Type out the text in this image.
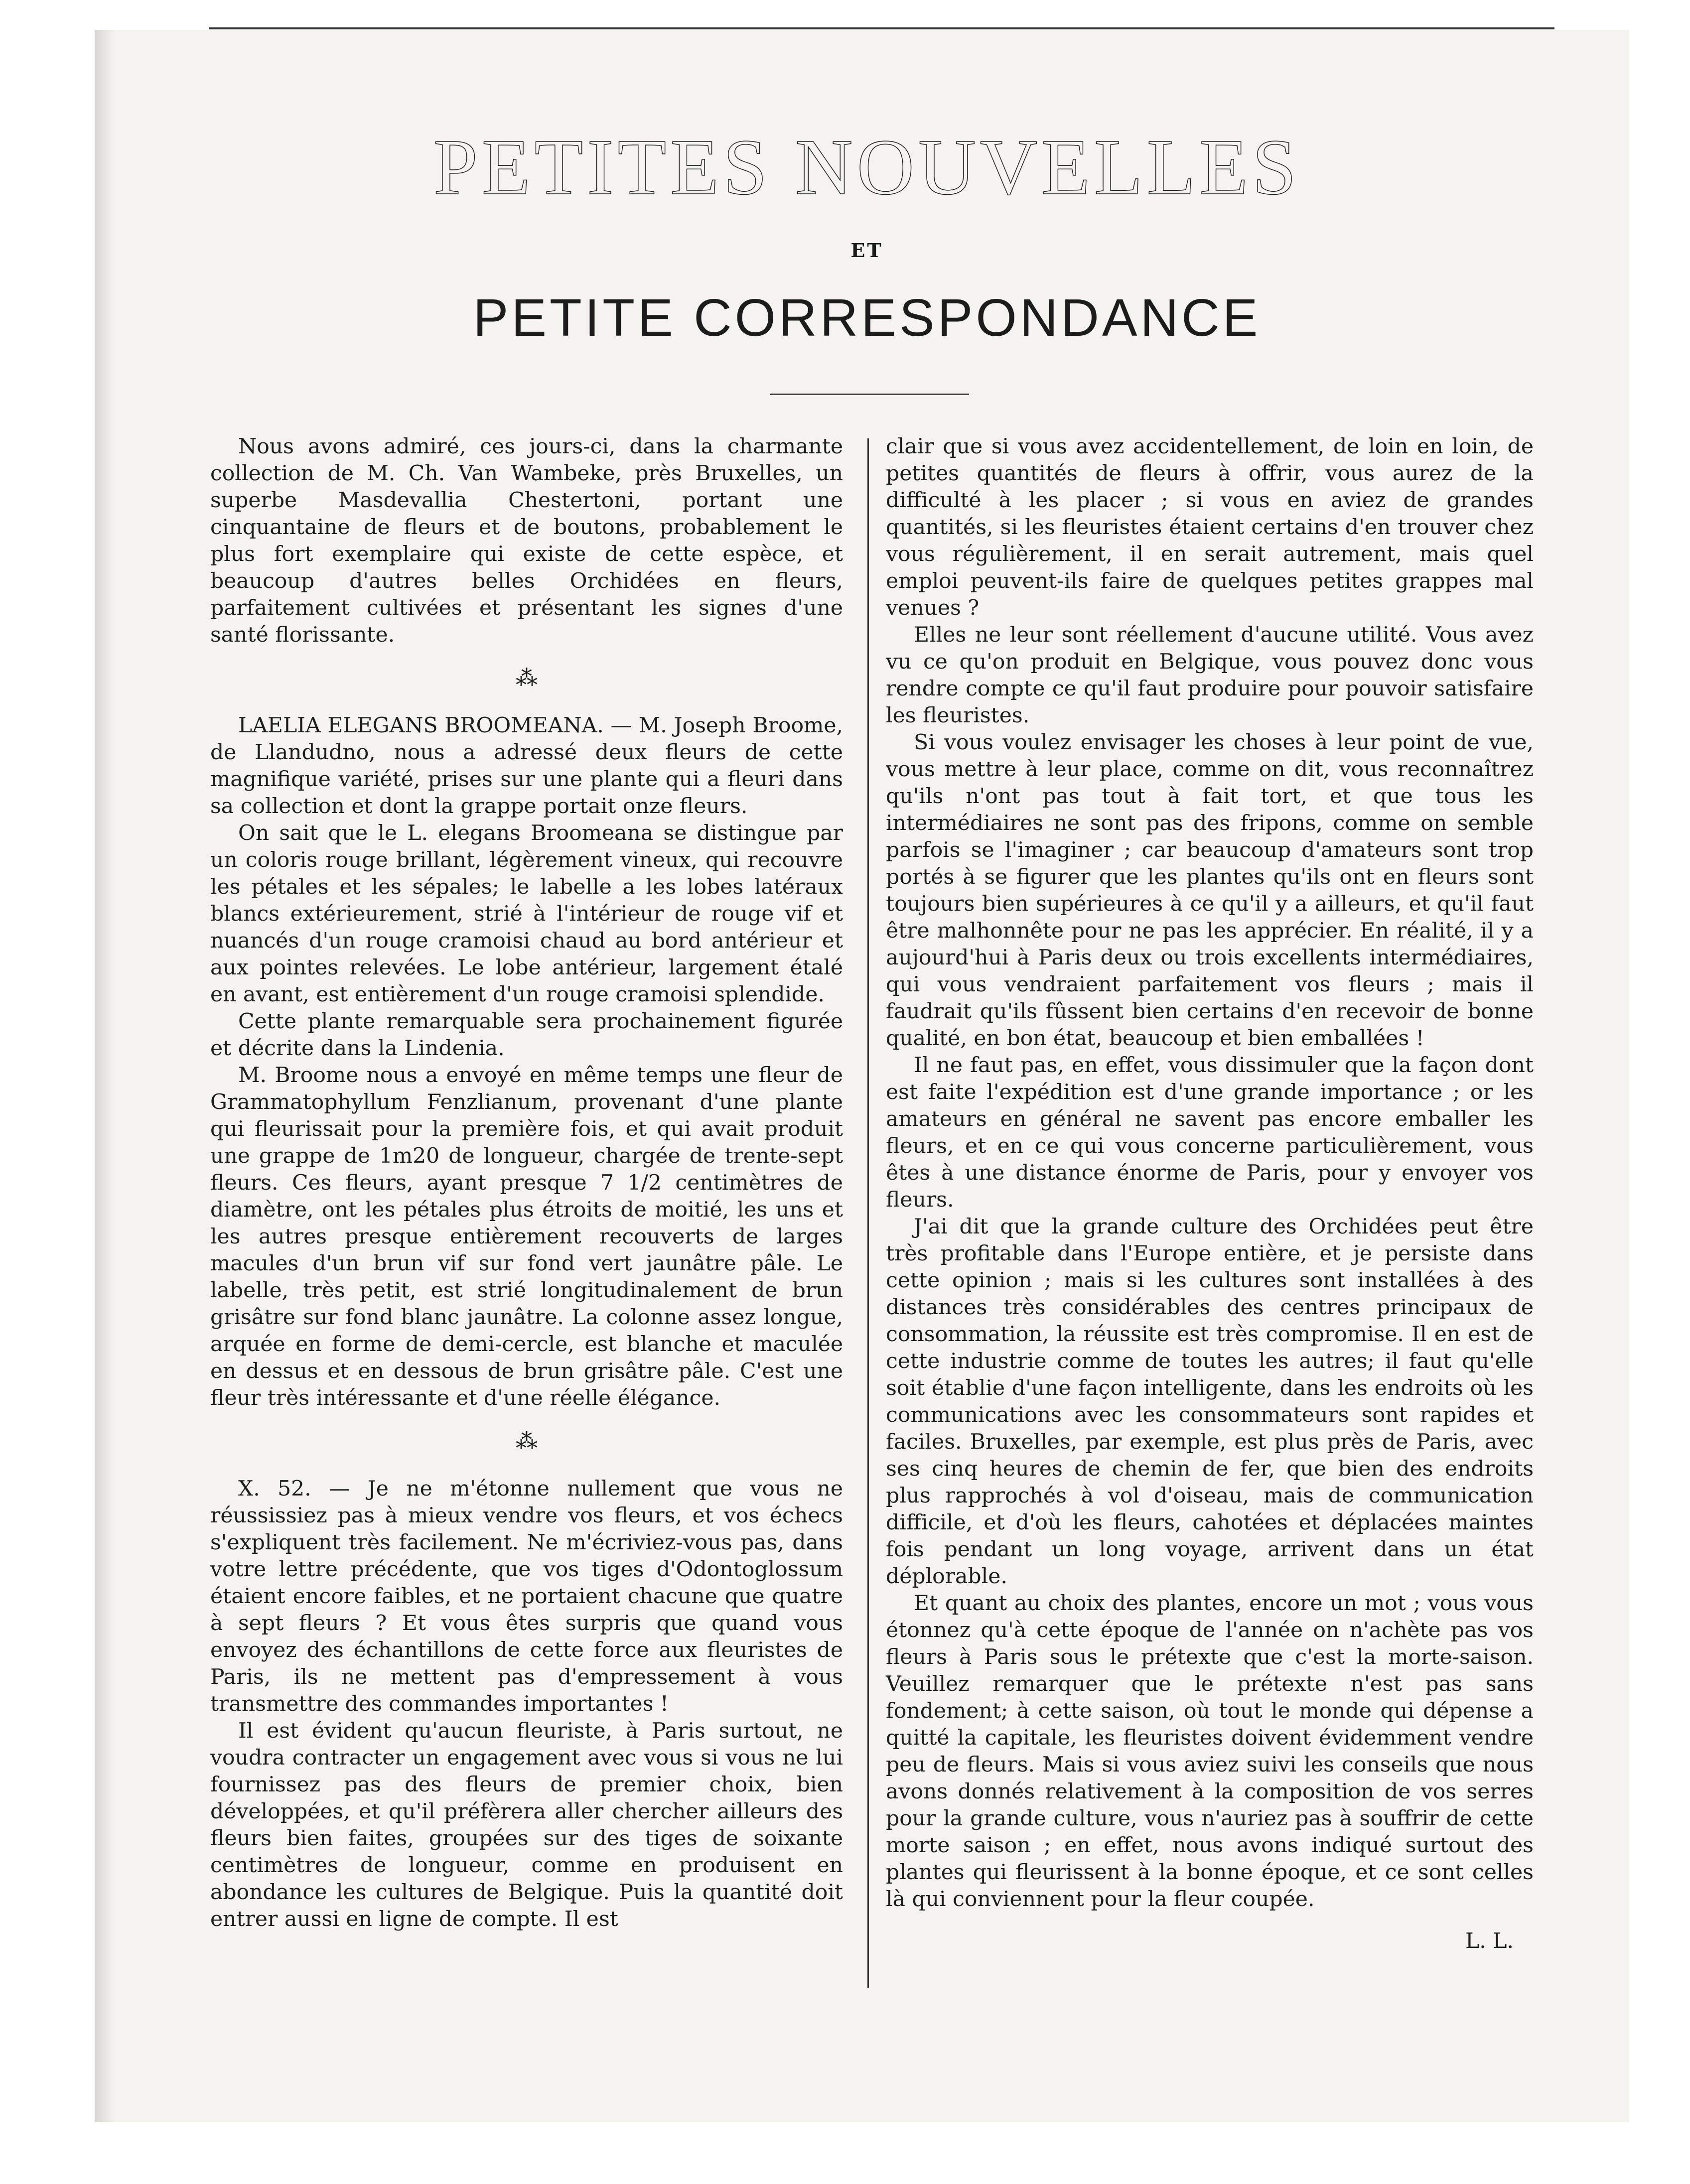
PETITES NOUVELLES
ET
PETITE CORRESPONDANCE

Nous avons admiré, ces jours-ci, dans la charmante collection de M. Ch. Van Wambeke, près Bruxelles, un superbe Masdevallia Chestertoni, portant une cinquantaine de fleurs et de boutons, probablement le plus fort exemplaire qui existe de cette espèce, et beaucoup d'autres belles Orchidées en fleurs, parfaitement cultivées et présentant les signes d'une santé florissante.

⁂

LAELIA ELEGANS BROOMEANA. — M. Joseph Broome, de Llandudno, nous a adressé deux fleurs de cette magnifique variété, prises sur une plante qui a fleuri dans sa collection et dont la grappe portait onze fleurs.

On sait que le L. elegans Broomeana se distingue par un coloris rouge brillant, légèrement vineux, qui recouvre les pétales et les sépales; le labelle a les lobes latéraux blancs extérieurement, strié à l'intérieur de rouge vif et nuancés d'un rouge cramoisi chaud au bord antérieur et aux pointes relevées. Le lobe antérieur, largement étalé en avant, est entièrement d'un rouge cramoisi splendide.

Cette plante remarquable sera prochainement figurée et décrite dans la Lindenia.

M. Broome nous a envoyé en même temps une fleur de Grammatophyllum Fenzlianum, provenant d'une plante qui fleurissait pour la première fois, et qui avait produit une grappe de 1m20 de longueur, chargée de trente-sept fleurs. Ces fleurs, ayant presque 7 1/2 centimètres de diamètre, ont les pétales plus étroits de moitié, les uns et les autres presque entièrement recouverts de larges macules d'un brun vif sur fond vert jaunâtre pâle. Le labelle, très petit, est strié longitudinalement de brun grisâtre sur fond blanc jaunâtre. La colonne assez longue, arquée en forme de demi-cercle, est blanche et maculée en dessus et en dessous de brun grisâtre pâle. C'est une fleur très intéressante et d'une réelle élégance.

⁂

X. 52. — Je ne m'étonne nullement que vous ne réussissiez pas à mieux vendre vos fleurs, et vos échecs s'expliquent très facilement. Ne m'écriviez-vous pas, dans votre lettre précédente, que vos tiges d'Odontoglossum étaient encore faibles, et ne portaient chacune que quatre à sept fleurs ? Et vous êtes surpris que quand vous envoyez des échantillons de cette force aux fleuristes de Paris, ils ne mettent pas d'empressement à vous transmettre des commandes importantes !

Il est évident qu'aucun fleuriste, à Paris surtout, ne voudra contracter un engagement avec vous si vous ne lui fournissez pas des fleurs de premier choix, bien développées, et qu'il préfèrera aller chercher ailleurs des fleurs bien faites, groupées sur des tiges de soixante centimètres de longueur, comme en produisent en abondance les cultures de Belgique. Puis la quantité doit entrer aussi en ligne de compte. Il est

clair que si vous avez accidentellement, de loin en loin, de petites quantités de fleurs à offrir, vous aurez de la difficulté à les placer ; si vous en aviez de grandes quantités, si les fleuristes étaient certains d'en trouver chez vous régulièrement, il en serait autrement, mais quel emploi peuvent-ils faire de quelques petites grappes mal venues ?

Elles ne leur sont réellement d'aucune utilité. Vous avez vu ce qu'on produit en Belgique, vous pouvez donc vous rendre compte ce qu'il faut produire pour pouvoir satisfaire les fleuristes.

Si vous voulez envisager les choses à leur point de vue, vous mettre à leur place, comme on dit, vous reconnaîtrez qu'ils n'ont pas tout à fait tort, et que tous les intermédiaires ne sont pas des fripons, comme on semble parfois se l'imaginer ; car beaucoup d'amateurs sont trop portés à se figurer que les plantes qu'ils ont en fleurs sont toujours bien supérieures à ce qu'il y a ailleurs, et qu'il faut être malhonnête pour ne pas les apprécier. En réalité, il y a aujourd'hui à Paris deux ou trois excellents intermédiaires, qui vous vendraient parfaitement vos fleurs ; mais il faudrait qu'ils fûssent bien certains d'en recevoir de bonne qualité, en bon état, beaucoup et bien emballées !

Il ne faut pas, en effet, vous dissimuler que la façon dont est faite l'expédition est d'une grande importance ; or les amateurs en général ne savent pas encore emballer les fleurs, et en ce qui vous concerne particulièrement, vous êtes à une distance énorme de Paris, pour y envoyer vos fleurs.

J'ai dit que la grande culture des Orchidées peut être très profitable dans l'Europe entière, et je persiste dans cette opinion ; mais si les cultures sont installées à des distances très considérables des centres principaux de consommation, la réussite est très compromise. Il en est de cette industrie comme de toutes les autres; il faut qu'elle soit établie d'une façon intelligente, dans les endroits où les communications avec les consommateurs sont rapides et faciles. Bruxelles, par exemple, est plus près de Paris, avec ses cinq heures de chemin de fer, que bien des endroits plus rapprochés à vol d'oiseau, mais de communication difficile, et d'où les fleurs, cahotées et déplacées maintes fois pendant un long voyage, arrivent dans un état déplorable.

Et quant au choix des plantes, encore un mot ; vous vous étonnez qu'à cette époque de l'année on n'achète pas vos fleurs à Paris sous le prétexte que c'est la morte-saison. Veuillez remarquer que le prétexte n'est pas sans fondement; à cette saison, où tout le monde qui dépense a quitté la capitale, les fleuristes doivent évidemment vendre peu de fleurs. Mais si vous aviez suivi les conseils que nous avons donnés relativement à la composition de vos serres pour la grande culture, vous n'auriez pas à souffrir de cette morte saison ; en effet, nous avons indiqué surtout des plantes qui fleurissent à la bonne époque, et ce sont celles là qui conviennent pour la fleur coupée.

L. L.
